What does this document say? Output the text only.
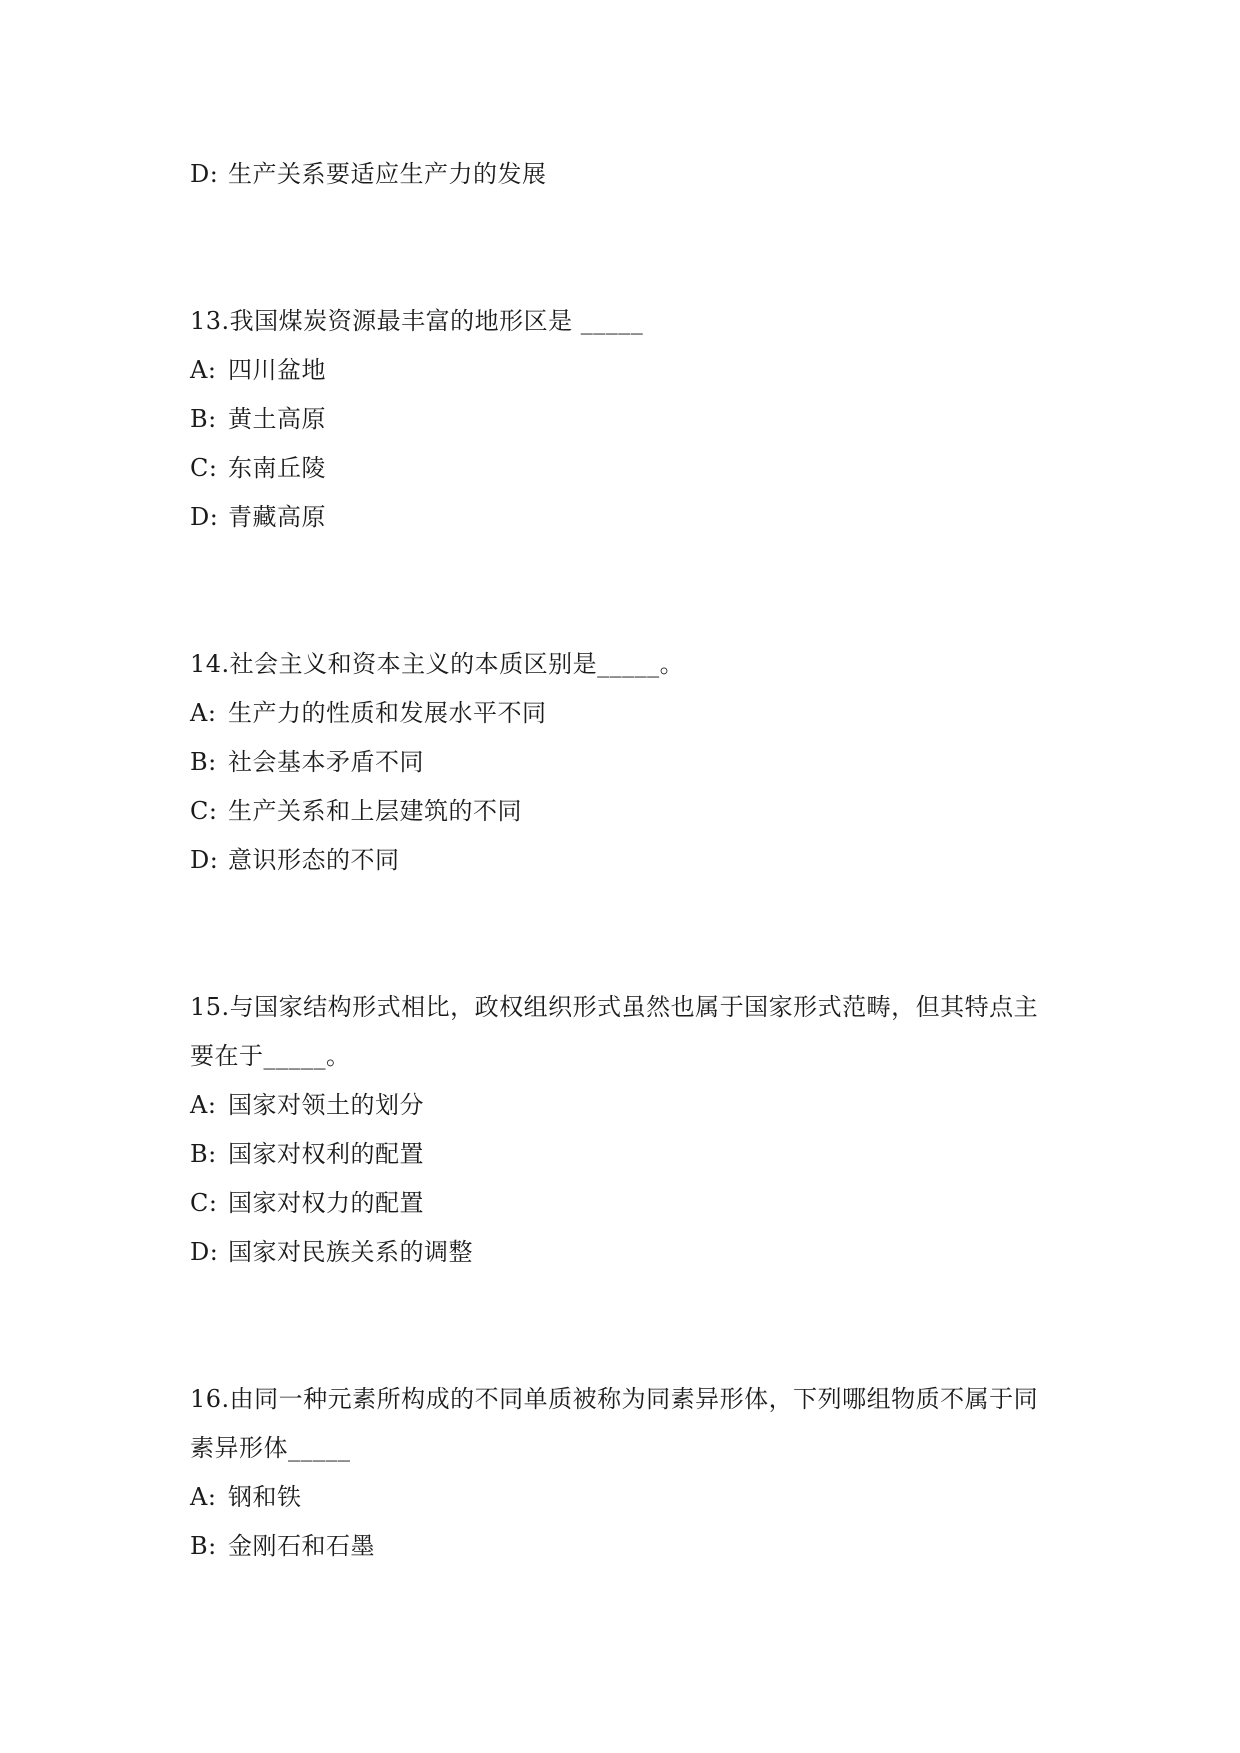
D: 生产关系要适应生产力的发展
13.我国煤炭资源最丰富的地形区是 _____
A: 四川盆地
B: 黄土高原
C: 东南丘陵
D: 青藏高原
14.社会主义和资本主义的本质区别是_____。
A: 生产力的性质和发展水平不同
B: 社会基本矛盾不同
C: 生产关系和上层建筑的不同
D: 意识形态的不同
15.与国家结构形式相比，政权组织形式虽然也属于国家形式范畴，但其特点主
要在于_____。
A: 国家对领土的划分
B: 国家对权利的配置
C: 国家对权力的配置
D: 国家对民族关系的调整
16.由同一种元素所构成的不同单质被称为同素异形体，下列哪组物质不属于同
素异形体_____
A: 钢和铁
B: 金刚石和石墨
